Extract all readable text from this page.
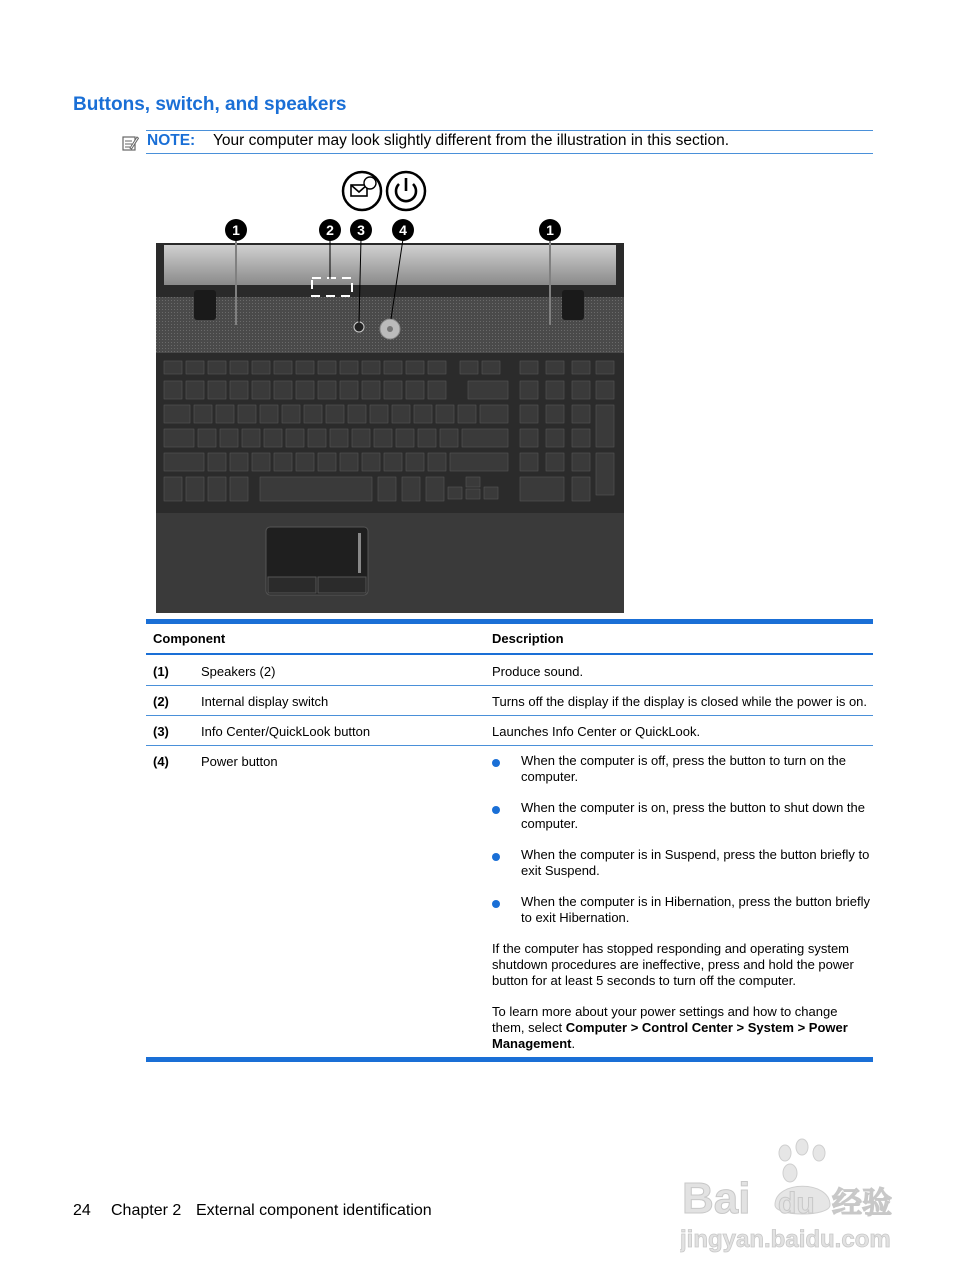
Buttons, switch, and speakers
NOTE: Your computer may look slightly different from the illustration in this section.
1	2 3 4	1
Component	Description
(1) Speakers (2)	Produce sound.
(2) Internal display switch	Turns off the display if the display is closed while the power is on.
(3) Info Center/QuickLook button	Launches Info Center or QuickLook.
(4) Power button	When the computer is off, press the button to turn on the computer.
When the computer is on, press the button to shut down the computer.
When the computer is in Suspend, press the button briefly to exit Suspend.
When the computer is in Hibernation, press the button briefly to exit Hibernation.
If the computer has stopped responding and operating system shutdown procedures are ineffective, press and hold the power button for at least 5 seconds to turn off the computer.
To learn more about your power settings and how to change them, select Computer > Control Center > System > Power Management.
24 Chapter 2 External component identification	Bai du 经验
jingyan.baidu.com
